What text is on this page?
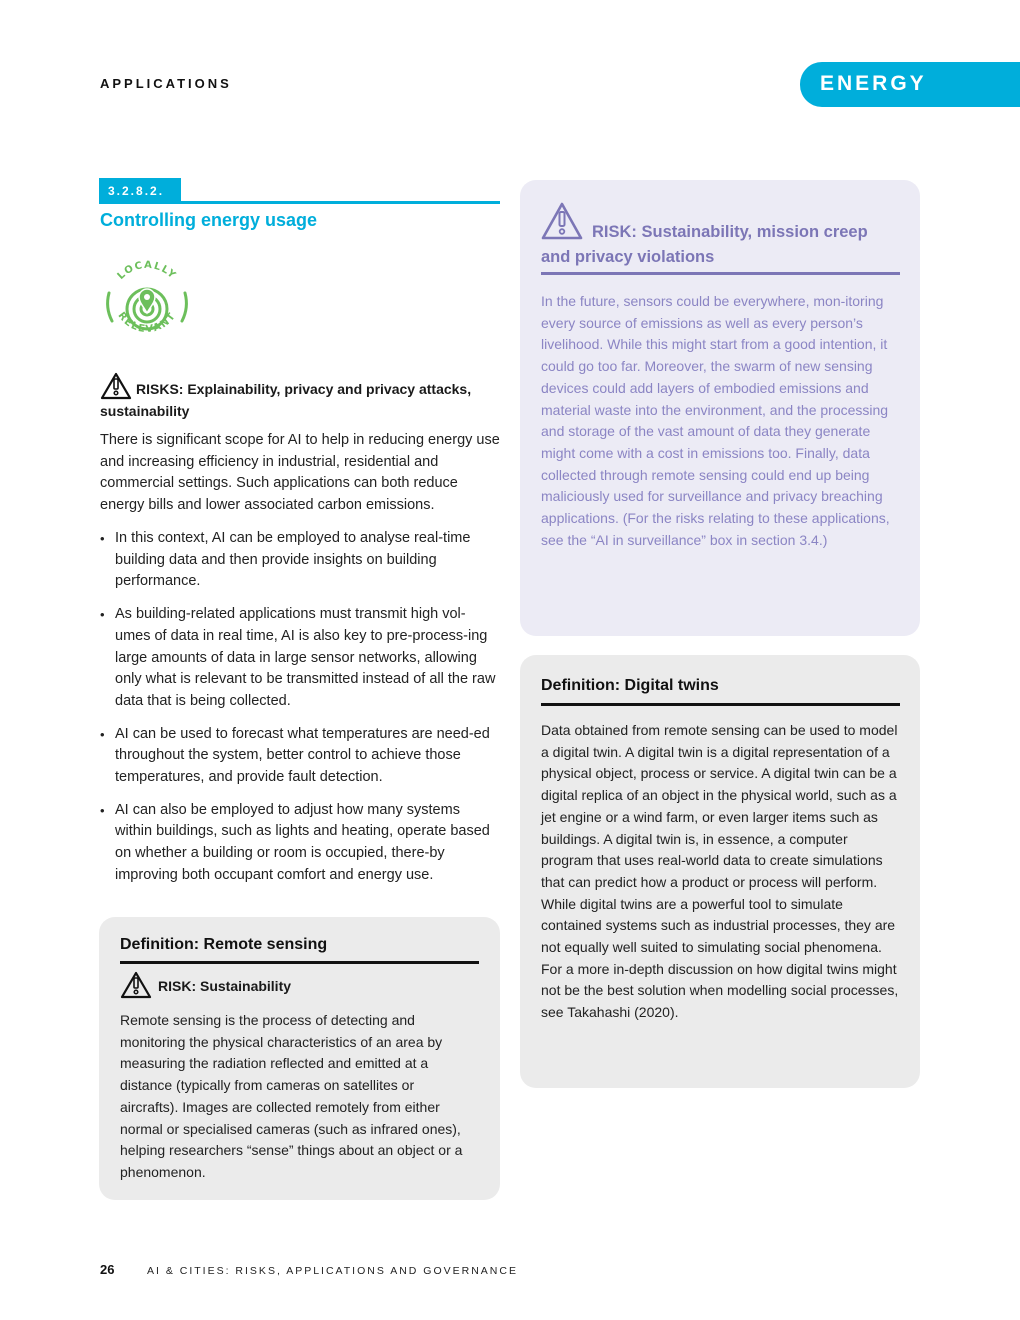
APPLICATIONS	ENERGY
3.2.8.2.
Controlling energy usage
LOCALLY
RELEVANT
RISKS: Explainability, privacy and privacy attacks, sustainability
There is significant scope for AI to help in reducing energy use and increasing efficiency in industrial, residential and commercial settings. Such applications can both reduce energy bills and lower associated carbon emissions.
• In this context, AI can be employed to analyse real-time building data and then provide insights on building performance.
• As building-related applications must transmit high vol-umes of data in real time, AI is also key to pre-process-ing large amounts of data in large sensor networks, allowing only what is relevant to be transmitted instead of all the raw data that is being collected.
• AI can be used to forecast what temperatures are need-ed throughout the system, better control to achieve those temperatures, and provide fault detection.
• AI can also be employed to adjust how many systems within buildings, such as lights and heating, operate based on whether a building or room is occupied, there-by improving both occupant comfort and energy use.
Definition: Remote sensing
RISK: Sustainability
Remote sensing is the process of detecting and monitoring the physical characteristics of an area by measuring the radiation reflected and emitted at a distance (typically from cameras on satellites or aircrafts). Images are collected remotely from either normal or specialised cameras (such as infrared ones), helping researchers “sense” things about an object or a phenomenon.
RISK: Sustainability, mission creep and privacy violations
In the future, sensors could be everywhere, mon-itoring every source of emissions as well as every person’s livelihood. While this might start from a good intention, it could go too far. Moreover, the swarm of new sensing devices could add layers of embodied emissions and material waste into the environment, and the processing and storage of the vast amount of data they generate might come with a cost in emissions too. Finally, data collected through remote sensing could end up being maliciously used for surveillance and privacy breaching applications. (For the risks relating to these applications, see the “AI in surveillance” box in section 3.4.)
Definition: Digital twins
Data obtained from remote sensing can be used to model a digital twin. A digital twin is a digital representation of a physical object, process or service. A digital twin can be a digital replica of an object in the physical world, such as a jet engine or a wind farm, or even larger items such as buildings. A digital twin is, in essence, a computer program that uses real-world data to create simulations that can predict how a product or process will perform. While digital twins are a powerful tool to simulate contained systems such as industrial processes, they are not equally well suited to simulating social phenomena. For a more in-depth discussion on how digital twins might not be the best solution when modelling social processes, see Takahashi (2020).
26	AI & CITIES: RISKS, APPLICATIONS AND GOVERNANCE
